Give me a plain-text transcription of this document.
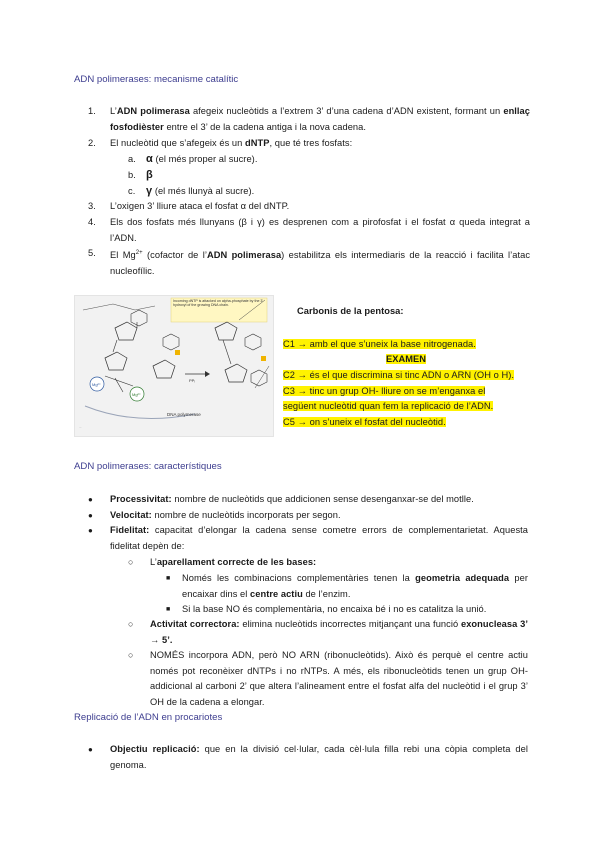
ADN polimerases: mecanisme catalític
1. L’ADN polimerasa afegeix nucleòtids a l’extrem 3’ d’una cadena d’ADN existent, formant un enllaç fosfodièster entre el 3’ de la cadena antiga i la nova cadena.
2. El nucleòtid que s’afegeix és un dNTP, que té tres fosfats:
a. α (el més proper al sucre).
b. β
c. γ (el més llunyà al sucre).
3. L’oxigen 3’ lliure ataca el fosfat α del dNTP.
4. Els dos fosfats més llunyans (β i γ) es desprenen com a pirofosfat i el fosfat α queda integrat a l’ADN.
5. El $Mg^{2+}$ (cofactor de l’ADN polimerasa) estabilitza els intermediaris de la reacció i facilita l’atac nucleofílic.
Incoming dNTP is attacked on alpha-phosphate by the 3' hydroxyl of the growing DNA chain.
Mg²⁺
Mg²⁺
DNA polymerase
PPᵢ
...
Carbonis de la pentosa:
C1 → amb el que s’uneix la base nitrogenada.
EXAMEN
C2 → és el que discrimina si tinc ADN o ARN (OH o H).
C3 → tinc un grup OH- lliure on se m’enganxa el
següent nucleòtid quan fem la replicació de l’ADN.
C5 → on s’uneix el fosfat del nucleòtid.
ADN polimerases: característiques
● Processivitat: nombre de nucleòtids que addicionen sense desenganxar-se del motlle.
● Velocitat: nombre de nucleòtids incorporats per segon.
● Fidelitat: capacitat d’elongar la cadena sense cometre errors de complementarietat. Aquesta fidelitat depèn de:
○ L’aparellament correcte de les bases:
■ Només les combinacions complementàries tenen la geometria adequada per encaixar dins el centre actiu de l’enzim.
■ Si la base NO és complementària, no encaixa bé i no es catalitza la unió.
○ Activitat correctora: elimina nucleòtids incorrectes mitjançant una funció exonucleasa 3’ → 5’.
○ NOMÉS incorpora ADN, però NO ARN (ribonucleòtids). Això és perquè el centre actiu només pot reconèixer dNTPs i no rNTPs. A més, els ribonucleòtids tenen un grup OH-addicional al carboni 2’ que altera l’alineament entre el fosfat alfa del nucleòtid i el grup 3’ OH de la cadena a elongar.
Replicació de l’ADN en procariotes
● Objectiu replicació: que en la divisió cel·lular, cada cèl·lula filla rebi una còpia completa del genoma.
